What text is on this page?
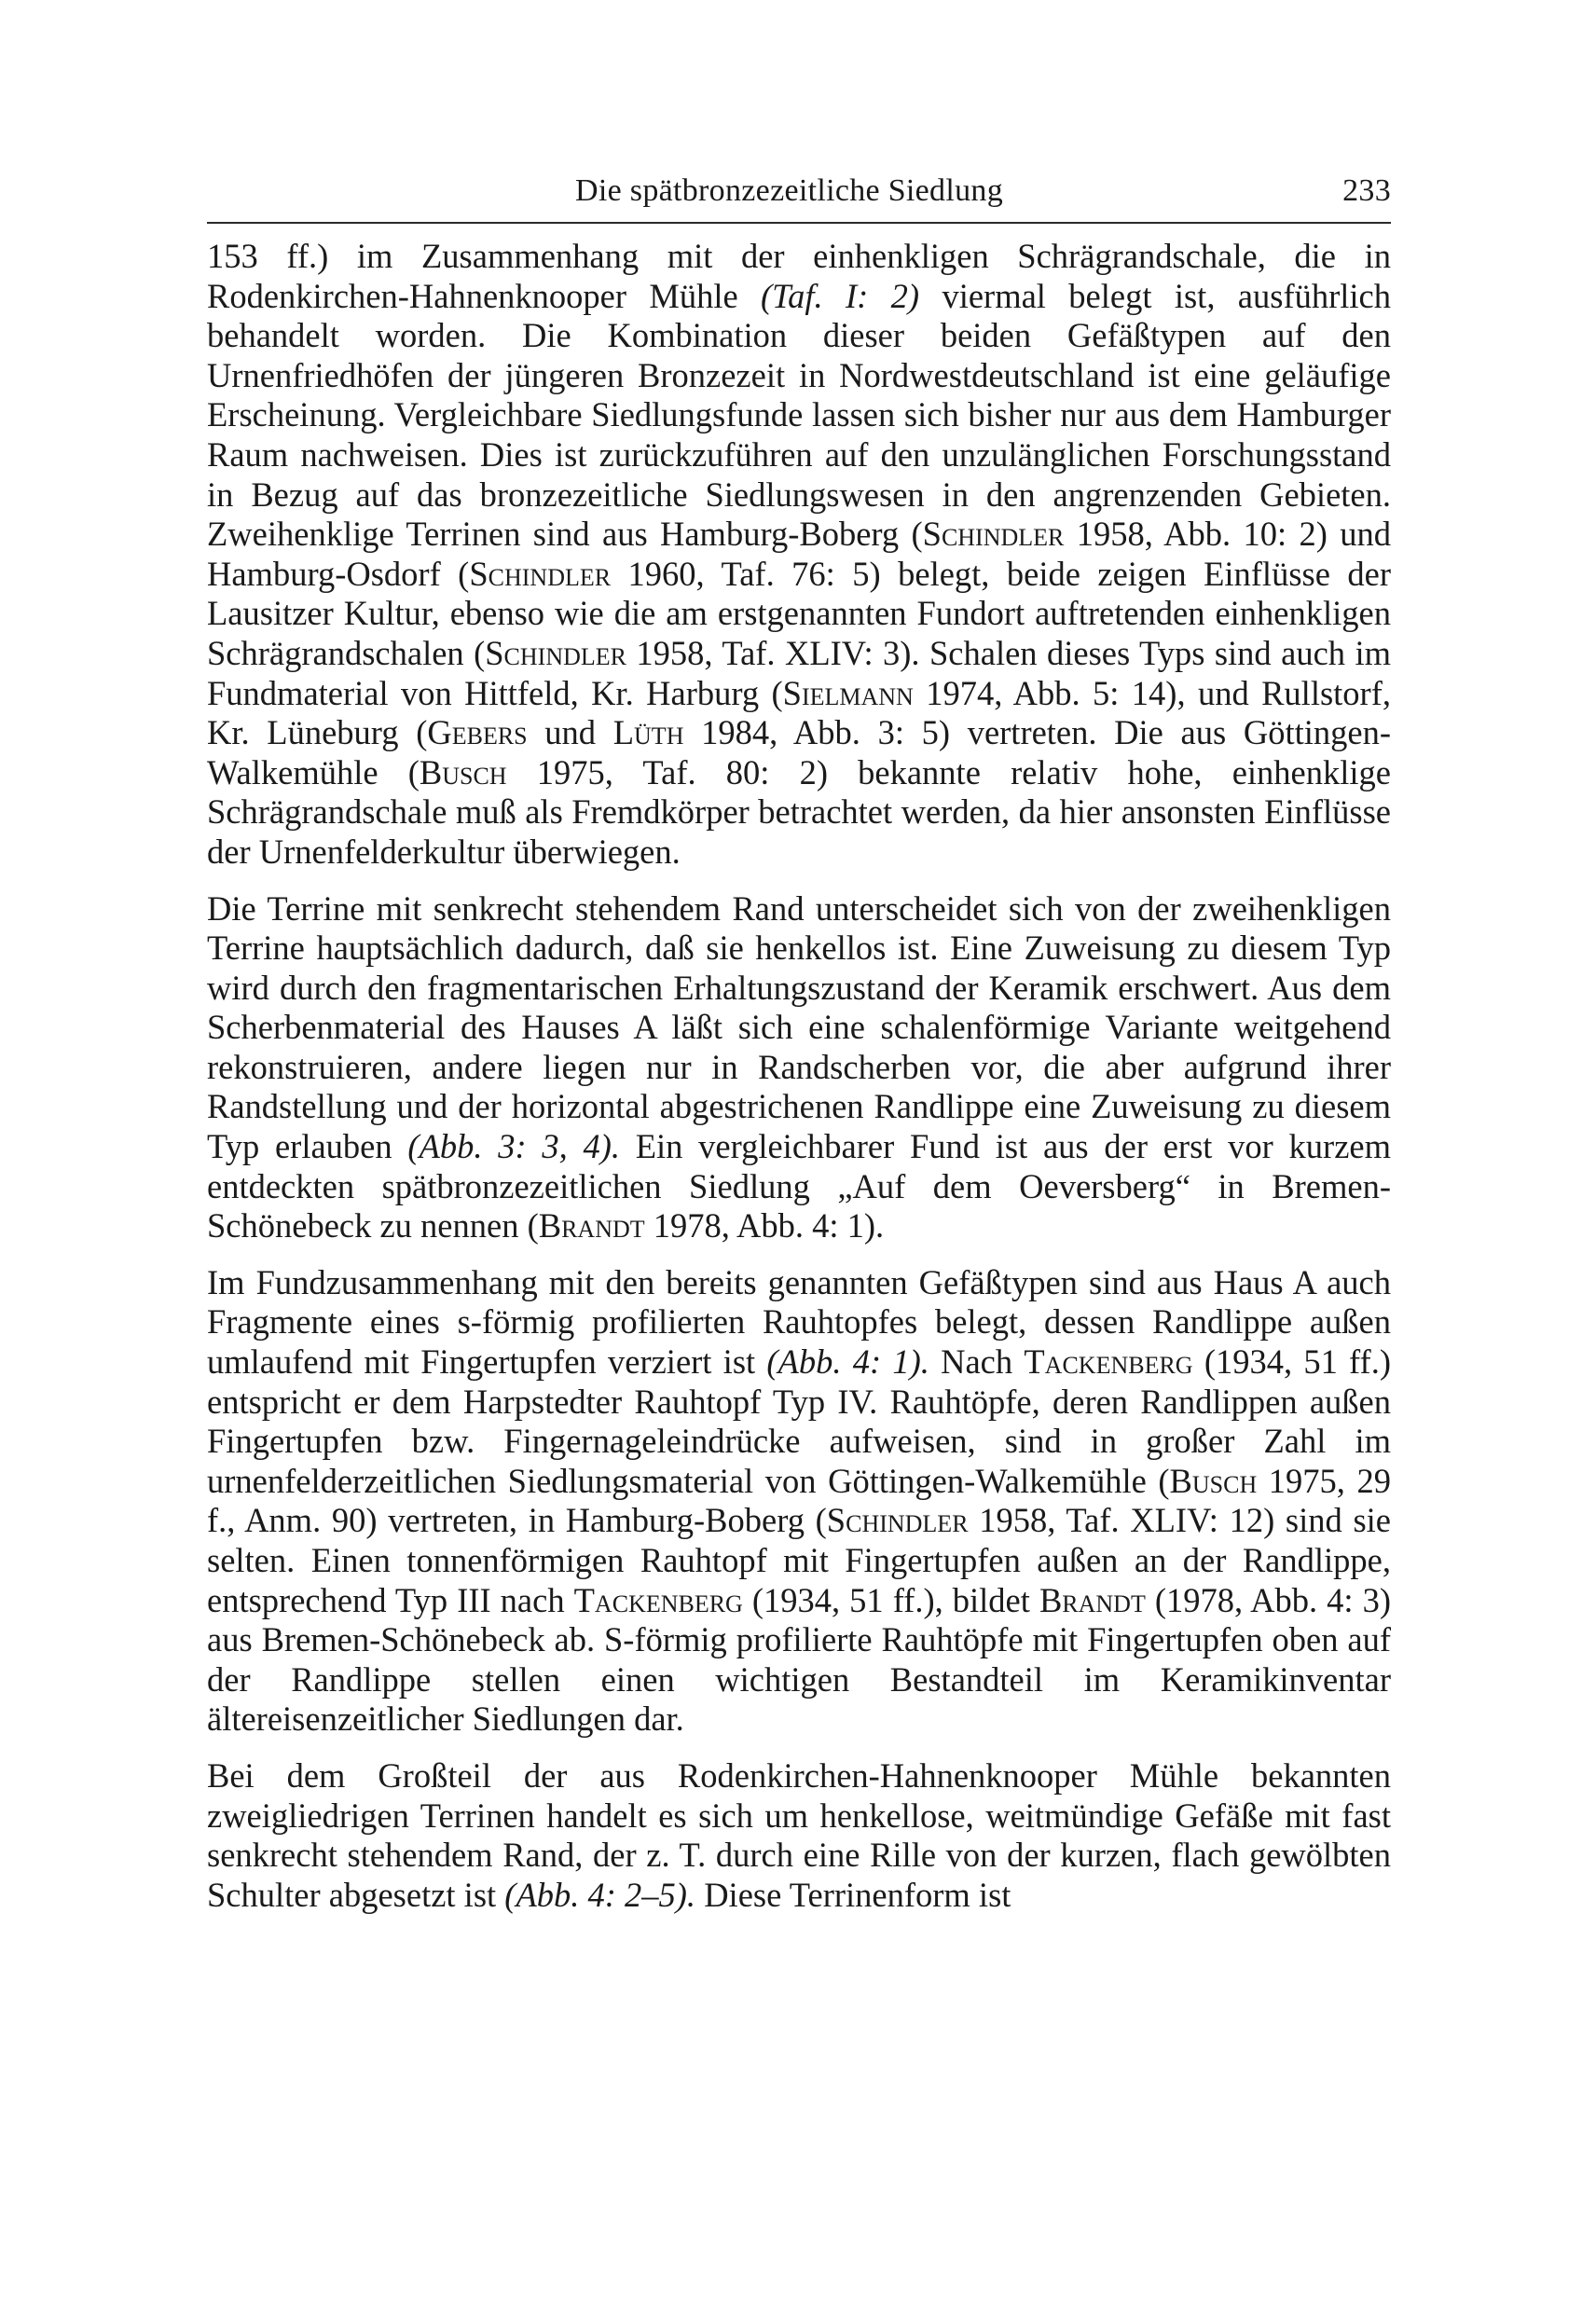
Die spätbronzezeitliche Siedlung	233

153 ff.) im Zusammenhang mit der einhenkligen Schrägrandschale, die in Rodenkirchen-Hahnenknooper Mühle (Taf. I: 2) viermal belegt ist, ausführlich behandelt worden. Die Kombination dieser beiden Gefäßtypen auf den Urnenfriedhöfen der jüngeren Bronzezeit in Nordwestdeutschland ist eine geläufige Erscheinung. Vergleichbare Siedlungsfunde lassen sich bisher nur aus dem Hamburger Raum nachweisen. Dies ist zurückzuführen auf den unzulänglichen Forschungsstand in Bezug auf das bronzezeitliche Siedlungswesen in den angrenzenden Gebieten. Zweihenklige Terrinen sind aus Hamburg-Boberg (Schindler 1958, Abb. 10: 2) und Hamburg-Osdorf (Schindler 1960, Taf. 76: 5) belegt, beide zeigen Einflüsse der Lausitzer Kultur, ebenso wie die am erstgenannten Fundort auftretenden einhenkligen Schrägrandschalen (Schindler 1958, Taf. XLIV: 3). Schalen dieses Typs sind auch im Fundmaterial von Hittfeld, Kr. Harburg (Sielmann 1974, Abb. 5: 14), und Rullstorf, Kr. Lüneburg (Gebers und Lüth 1984, Abb. 3: 5) vertreten. Die aus Göttingen-Walkemühle (Busch 1975, Taf. 80: 2) bekannte relativ hohe, einhenklige Schrägrandschale muß als Fremdkörper betrachtet werden, da hier ansonsten Einflüsse der Urnenfelderkultur überwiegen.

Die Terrine mit senkrecht stehendem Rand unterscheidet sich von der zweihenkligen Terrine hauptsächlich dadurch, daß sie henkellos ist. Eine Zuweisung zu diesem Typ wird durch den fragmentarischen Erhaltungszustand der Keramik erschwert. Aus dem Scherbenmaterial des Hauses A läßt sich eine schalenförmige Variante weitgehend rekonstruieren, andere liegen nur in Randscherben vor, die aber aufgrund ihrer Randstellung und der horizontal abgestrichenen Randlippe eine Zuweisung zu diesem Typ erlauben (Abb. 3: 3, 4). Ein vergleichbarer Fund ist aus der erst vor kurzem entdeckten spätbronzezeitlichen Siedlung „Auf dem Oeversberg“ in Bremen-Schönebeck zu nennen (Brandt 1978, Abb. 4: 1).

Im Fundzusammenhang mit den bereits genannten Gefäßtypen sind aus Haus A auch Fragmente eines s-förmig profilierten Rauhtopfes belegt, dessen Randlippe außen umlaufend mit Fingertupfen verziert ist (Abb. 4: 1). Nach Tackenberg (1934, 51 ff.) entspricht er dem Harpstedter Rauhtopf Typ IV. Rauhtöpfe, deren Randlippen außen Fingertupfen bzw. Fingernageleindrücke aufweisen, sind in großer Zahl im urnenfelderzeitlichen Siedlungsmaterial von Göttingen-Walkemühle (Busch 1975, 29 f., Anm. 90) vertreten, in Hamburg-Boberg (Schindler 1958, Taf. XLIV: 12) sind sie selten. Einen tonnenförmigen Rauhtopf mit Fingertupfen außen an der Randlippe, entsprechend Typ III nach Tackenberg (1934, 51 ff.), bildet Brandt (1978, Abb. 4: 3) aus Bremen-Schönebeck ab. S-förmig profilierte Rauhtöpfe mit Fingertupfen oben auf der Randlippe stellen einen wichtigen Bestandteil im Keramikinventar ältereisenzeitlicher Siedlungen dar.

Bei dem Großteil der aus Rodenkirchen-Hahnenknooper Mühle bekannten zweigliedrigen Terrinen handelt es sich um henkellose, weitmündige Gefäße mit fast senkrecht stehendem Rand, der z. T. durch eine Rille von der kurzen, flach gewölbten Schulter abgesetzt ist (Abb. 4: 2–5). Diese Terrinenform ist
